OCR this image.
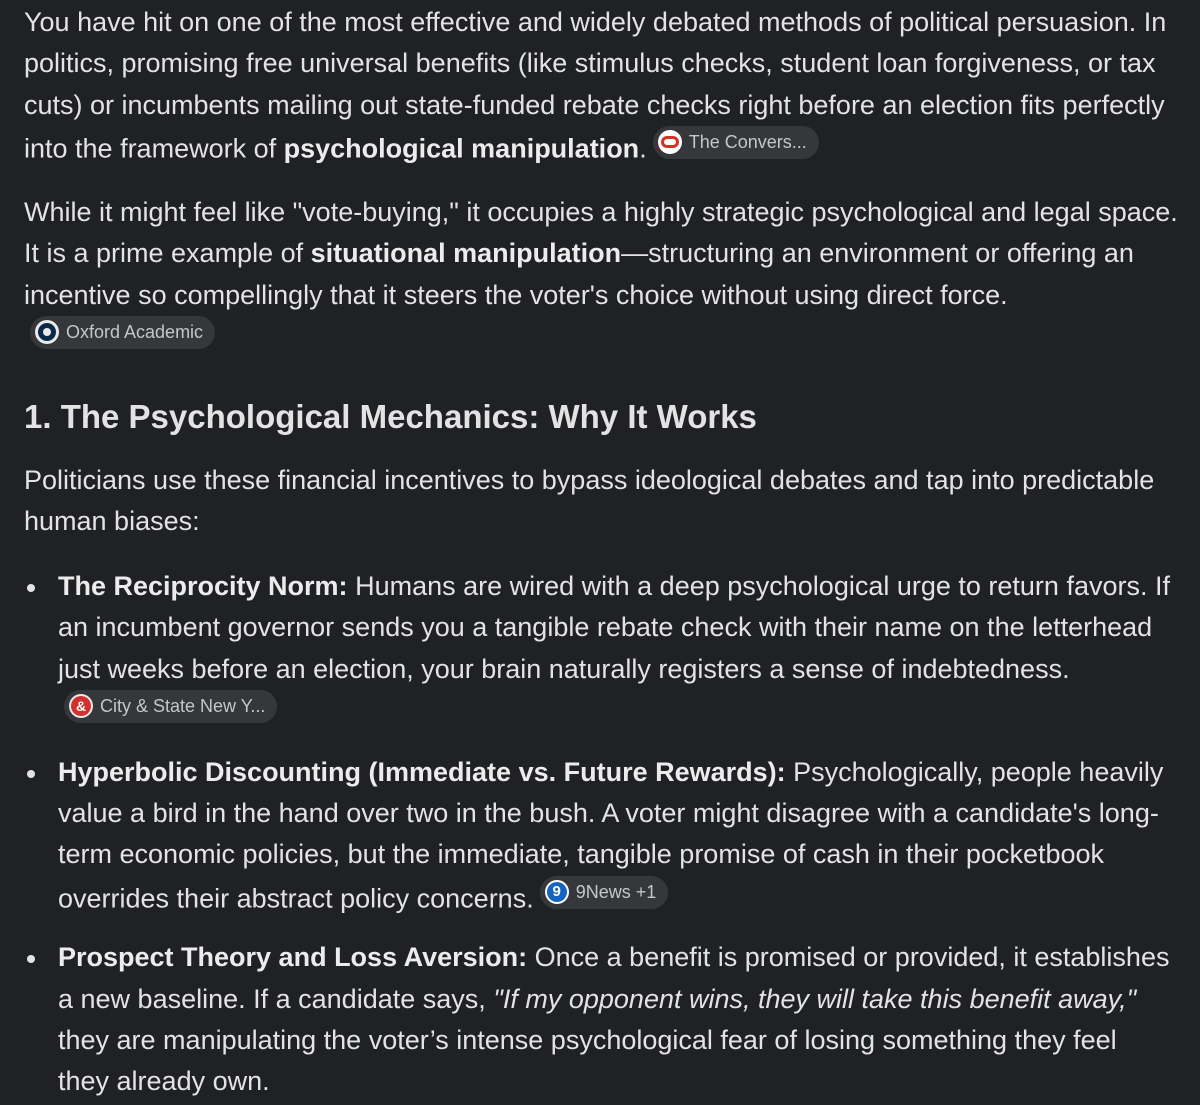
You have hit on one of the most effective and widely debated methods of political persuasion. In politics, promising free universal benefits (like stimulus checks, student loan forgiveness, or tax cuts) or incumbents mailing out state-funded rebate checks right before an election fits perfectly into the framework of psychological manipulation. The Convers...

While it might feel like "vote-buying," it occupies a highly strategic psychological and legal space. It is a prime example of situational manipulation—structuring an environment or offering an incentive so compellingly that it steers the voter's choice without using direct force.
Oxford Academic

1. The Psychological Mechanics: Why It Works

Politicians use these financial incentives to bypass ideological debates and tap into predictable human biases:

The Reciprocity Norm: Humans are wired with a deep psychological urge to return favors. If an incumbent governor sends you a tangible rebate check with their name on the letterhead just weeks before an election, your brain naturally registers a sense of indebtedness.
&
City & State New Y...
Hyperbolic Discounting (Immediate vs. Future Rewards): Psychologically, people heavily value a bird in the hand over two in the bush. A voter might disagree with a candidate's long-term economic policies, but the immediate, tangible promise of cash in their pocketbook overrides their abstract policy concerns.
9 9News +1
Prospect Theory and Loss Aversion: Once a benefit is promised or provided, it establishes a new baseline. If a candidate says, "If my opponent wins, they will take this benefit away," they are manipulating the voter’s intense psychological fear of losing something they feel they already own.
